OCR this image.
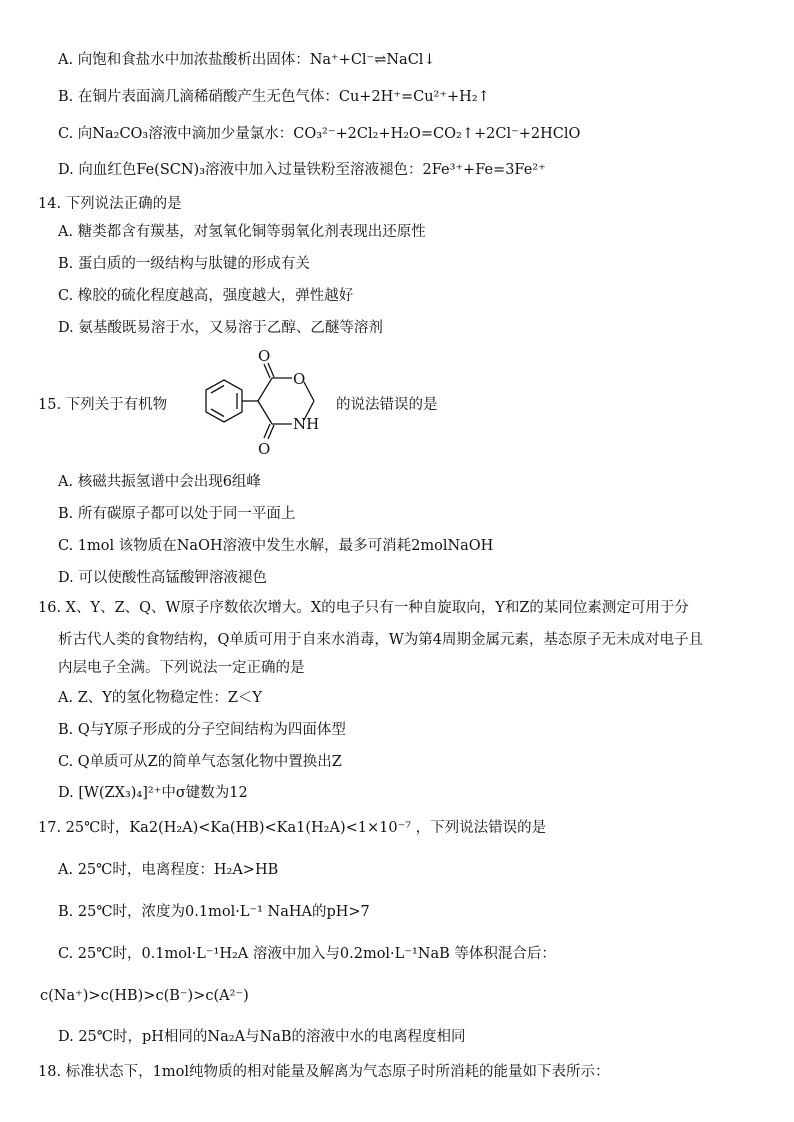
A. 向饱和食盐水中加浓盐酸析出固体：Na⁺+Cl⁻⇌NaCl↓
B. 在铜片表面滴几滴稀硝酸产生无色气体：Cu+2H⁺=Cu²⁺+H₂↑
C. 向Na₂CO₃溶液中滴加少量氯水：CO₃²⁻+2Cl₂+H₂O=CO₂↑+2Cl⁻+2HClO
D. 向血红色Fe(SCN)₃溶液中加入过量铁粉至溶液褪色：2Fe³⁺+Fe=3Fe²⁺
14. 下列说法正确的是
A. 糖类都含有羰基，对氢氧化铜等弱氧化剂表现出还原性
B. 蛋白质的一级结构与肽键的形成有关
C. 橡胶的硫化程度越高，强度越大，弹性越好
D. 氨基酸既易溶于水，又易溶于乙醇、乙醚等溶剂
15. 下列关于有机物
O
O
O
NH
的说法错误的是
A. 核磁共振氢谱中会出现6组峰
B. 所有碳原子都可以处于同一平面上
C. 1mol 该物质在NaOH溶液中发生水解，最多可消耗2molNaOH
D. 可以使酸性高锰酸钾溶液褪色
16. X、Y、Z、Q、W原子序数依次增大。X的电子只有一种自旋取向，Y和Z的某同位素测定可用于分
析古代人类的食物结构，Q单质可用于自来水消毒，W为第4周期金属元素，基态原子无未成对电子且
内层电子全满。下列说法一定正确的是
A. Z、Y的氢化物稳定性：Z＜Y
B. Q与Y原子形成的分子空间结构为四面体型
C. Q单质可从Z的简单气态氢化物中置换出Z
D. [W(ZX₃)₄]²⁺中σ键数为12
17. 25℃时，Ka2(H₂A)<Ka(HB)<Ka1(H₂A)<1×10⁻⁷ ，下列说法错误的是
A. 25℃时，电离程度：H₂A>HB
B. 25℃时，浓度为0.1mol·L⁻¹ NaHA的pH>7
C. 25℃时，0.1mol·L⁻¹H₂A 溶液中加入与0.2mol·L⁻¹NaB 等体积混合后：
c(Na⁺)>c(HB)>c(B⁻)>c(A²⁻)
D. 25℃时，pH相同的Na₂A与NaB的溶液中水的电离程度相同
18. 标准状态下，1mol纯物质的相对能量及解离为气态原子时所消耗的能量如下表所示：
